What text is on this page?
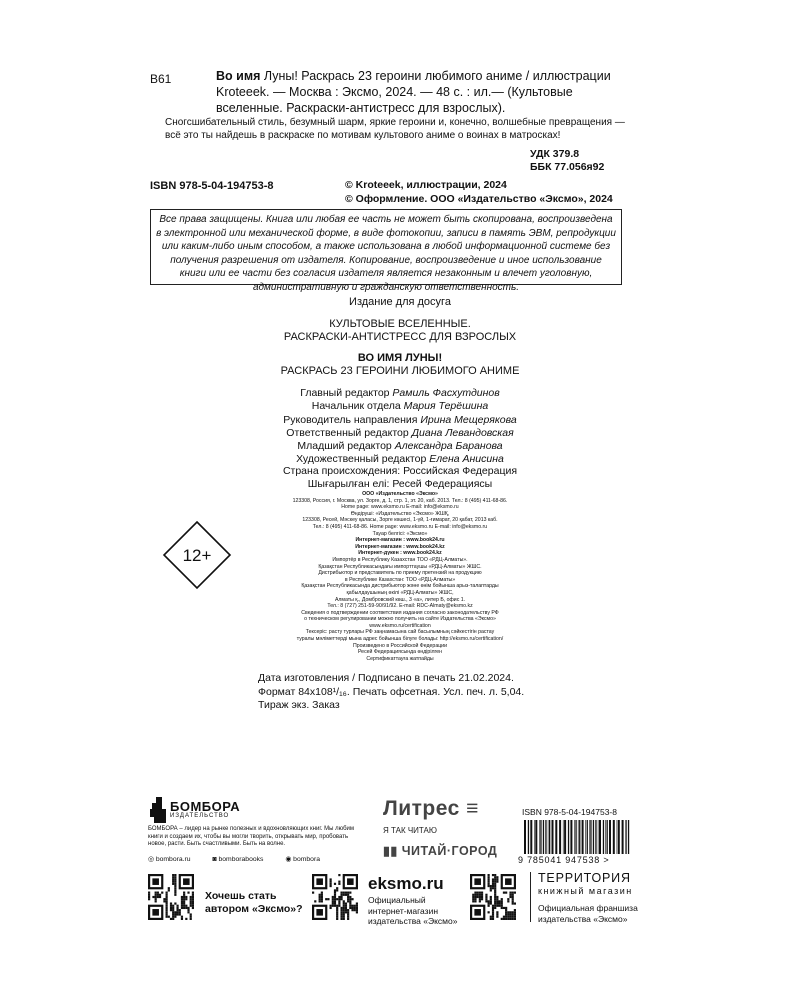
В61	Во имя Луны! Раскрась 23 героини любимого аниме / иллюстрации Kroteeek. — Москва : Эксмо, 2024. — 48 с. : ил.— (Культовые вселенные. Раскраски-антистресс для взрослых).
Сногсшибательный стиль, безумный шарм, яркие героини и, конечно, волшебные превращения — всё это ты найдешь в раскраске по мотивам культового аниме о воинах в матросках!
УДК 379.8
ББК 77.056я92
ISBN 978-5-04-194753-8	© Kroteeek, иллюстрации, 2024
© Оформление. ООО «Издательство «Эксмо», 2024
Все права защищены. Книга или любая ее часть не может быть скопирована, воспроизведена в электронной или механической форме, в виде фотокопии, записи в память ЭВМ, репродукции или каким-либо иным способом, а также использована в любой информационной системе без получения разрешения от издателя. Копирование, воспроизведение и иное использование книги или ее части без согласия издателя является незаконным и влечет уголовную, административную и гражданскую ответственность.
Издание для досуга
КУЛЬТОВЫЕ ВСЕЛЕННЫЕ.
РАСКРАСКИ-АНТИСТРЕСС ДЛЯ ВЗРОСЛЫХ
ВО ИМЯ ЛУНЫ!
РАСКРАСЬ 23 ГЕРОИНИ ЛЮБИМОГО АНИМЕ
Главный редактор Рамиль Фасхутдинов
Начальник отдела Мария Терёшина
Руководитель направления Ирина Мещерякова
Ответственный редактор Диана Левандовская
Младший редактор Александра Баранова
Художественный редактор Елена Анисина
Страна происхождения: Российская Федерация
Шығарылған елі: Ресей Федерациясы
ООО «Издательство «Эксмо»
123308, Россия, г. Москва, ул. Зорге, д. 1, стр. 1, эт. 20, каб. 2013. Тел.: 8 (495) 411-68-86.
Home page: www.eksmo.ru E-mail: info@eksmo.ru
Өндіруші: «Издательство «Эксмо» ЖШҚ,
123308, Ресей, Мәскеу қаласы, Зорге көшесі, 1-үй, 1-ғимарат, 20 қабат, 2013 каб.
Тел.: 8 (495) 411-68-86. Home page: www.eksmo.ru E-mail: info@eksmo.ru
Тауар белгісі: «Эксмо»
Интернет-магазин : www.book24.ru
Интернет-магазин : www.book24.kz
Интернет-дүкен : www.book24.kz
Импортёр в Республику Казахстан ТОО «РДЦ-Алматы».
Қазақстан Республикасындағы импорттаушы «РДЦ-Алматы» ЖШС.
Дистрибьютор и представитель по приему претензий на продукцию
в Республике Казахстан: ТОО «РДЦ-Алматы»
Қазақстан Республикасында дистрибьютор және өнім бойынша арыз-талаптарды
қабылдаушының өкілі «РДЦ-Алматы» ЖШС,
Алматы қ., Домбровский көш., 3 «а», литер Б, офис 1.
Тел.: 8 (727) 251-59-90/91/92. E-mail: RDC-Almaty@eksmo.kz
Сведения о подтверждении соответствия издания согласно законодательству РФ
о техническом регулировании можно получить на сайте Издательства «Эксмо»
www.eksmo.ru/certification
Тексеріс: расту турлары РФ заңнамасына сай басылымның сәйкестігін растау
туралы мәліметтерді мына адрес бойынша білуге болады: http://eksmo.ru/certification/
Произведено в Российской Федерации
Ресей Федерациясында өндірілген
Сертификаттауға жатпайды
12+
Дата изготовления / Подписано в печать 21.02.2024.
Формат 84x108¹/₁₆. Печать офсетная. Усл. печ. л. 5,04.
Тираж экз. Заказ
БОМБОРА
ИЗДАТЕЛЬСТВО
БОМБОРА – лидер на рынке полезных и вдохновляющих книг. Мы любим книги и создаем их, чтобы вы могли творить, открывать мир, пробовать новое, расти. Быть счастливыми. Быть на волне.
◎ bombora.ru	◙ bomborabooks	◉ bombora
Литрес ≡
Я ТАК ЧИТАЮ
▮▮ ЧИТАЙ·ГОРОД
ISBN 978-5-04-194753-8
9 785041 947538 >
Хочешь стать
автором «Эксмо»?
eksmo.ru
Официальный
интернет-магазин
издательства «Эксмо»
ТЕРРИТОРИЯ
книжный магазин
Официальная франшиза
издательства «Эксмо»
